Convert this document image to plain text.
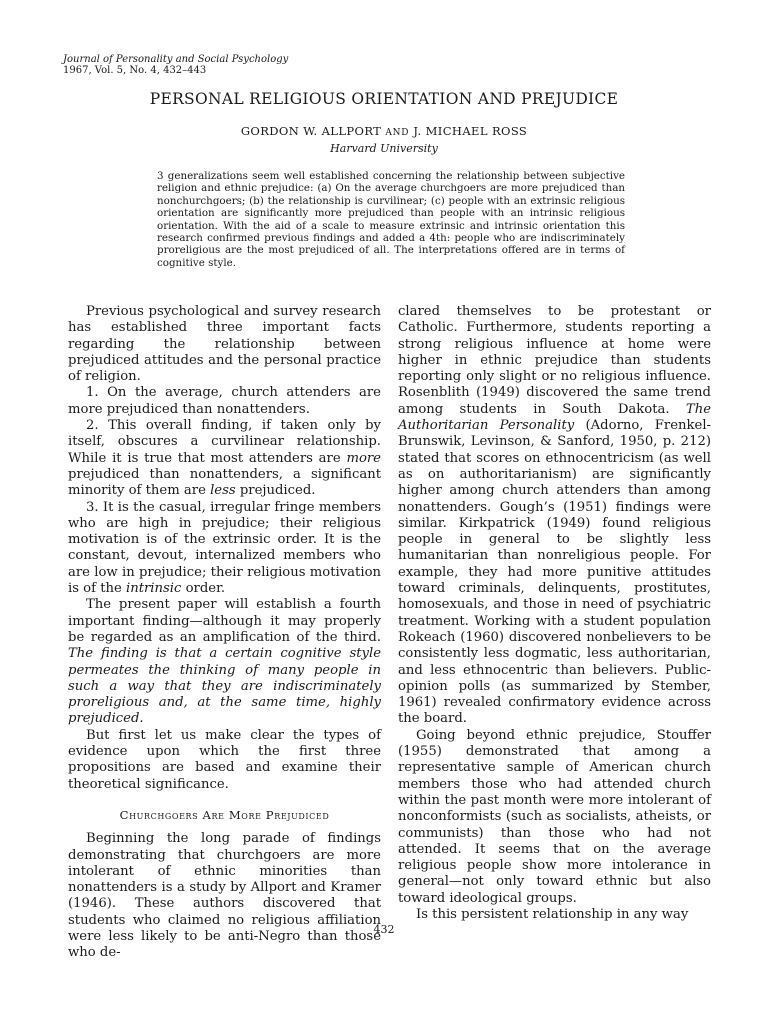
Journal of Personality and Social Psychology
1967, Vol. 5, No. 4, 432–443
PERSONAL RELIGIOUS ORIENTATION AND PREJUDICE
GORDON W. ALLPORT AND J. MICHAEL ROSS
Harvard University
3 generalizations seem well established concerning the relationship between subjective religion and ethnic prejudice: (a) On the average churchgoers are more prejudiced than nonchurchgoers; (b) the relationship is curvilinear; (c) people with an extrinsic religious orientation are significantly more prejudiced than people with an intrinsic religious orientation. With the aid of a scale to measure extrinsic and intrinsic orientation this research confirmed previous findings and added a 4th: people who are indiscriminately proreligious are the most prejudiced of all. The interpretations offered are in terms of cognitive style.

Previous psychological and survey research has established three important facts regarding the relationship between prejudiced attitudes and the personal practice of religion.

1. On the average, church attenders are more prejudiced than nonattenders.

2. This overall finding, if taken only by itself, obscures a curvilinear relationship. While it is true that most attenders are more prejudiced than nonattenders, a significant minority of them are less prejudiced.

3. It is the casual, irregular fringe members who are high in prejudice; their religious motivation is of the extrinsic order. It is the constant, devout, internalized members who are low in prejudice; their religious motivation is of the intrinsic order.

The present paper will establish a fourth important finding—although it may properly be regarded as an amplification of the third. The finding is that a certain cognitive style permeates the thinking of many people in such a way that they are indiscriminately proreligious and, at the same time, highly prejudiced.

But first let us make clear the types of evidence upon which the first three propositions are based and examine their theoretical significance.

Churchgoers Are More Prejudiced

Beginning the long parade of findings demonstrating that churchgoers are more intolerant of ethnic minorities than nonattenders is a study by Allport and Kramer (1946). These authors discovered that students who claimed no religious affiliation were less likely to be anti-Negro than those who de-

clared themselves to be protestant or Catholic. Furthermore, students reporting a strong religious influence at home were higher in ethnic prejudice than students reporting only slight or no religious influence. Rosenblith (1949) discovered the same trend among students in South Dakota. The Authoritarian Personality (Adorno, Frenkel-Brunswik, Levinson, & Sanford, 1950, p. 212) stated that scores on ethnocentricism (as well as on authoritarianism) are significantly higher among church attenders than among nonattenders. Gough’s (1951) findings were similar. Kirkpatrick (1949) found religious people in general to be slightly less humanitarian than nonreligious people. For example, they had more punitive attitudes toward criminals, delinquents, prostitutes, homosexuals, and those in need of psychiatric treatment. Working with a student population Rokeach (1960) discovered nonbelievers to be consistently less dogmatic, less authoritarian, and less ethnocentric than believers. Public-opinion polls (as summarized by Stember, 1961) revealed confirmatory evidence across the board.

Going beyond ethnic prejudice, Stouffer (1955) demonstrated that among a representative sample of American church members those who had attended church within the past month were more intolerant of nonconformists (such as socialists, atheists, or communists) than those who had not attended. It seems that on the average religious people show more intolerance in general—not only toward ethnic but also toward ideological groups.

Is this persistent relationship in any way

432
